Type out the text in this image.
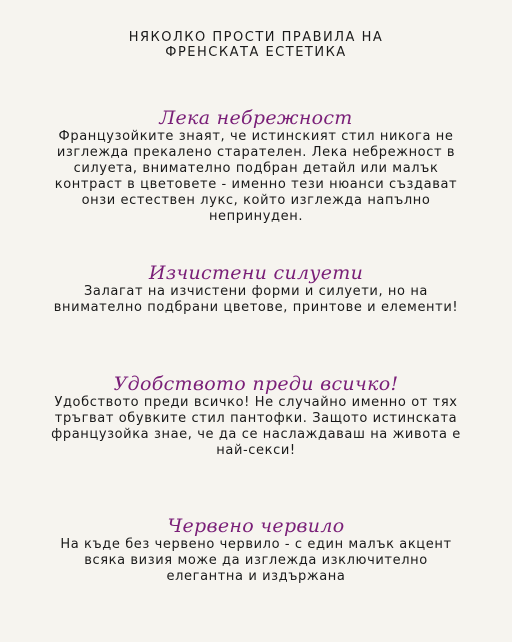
НЯКОЛКО ПРОСТИ ПРАВИЛА НА
ФРЕНСКАТА ЕСТЕТИКА
Лека небрежност
Французойките знаят, че истинският стил никога не
изглежда прекалено старателен. Лека небрежност в
силуета, внимателно подбран детайл или малък
контраст в цветовете - именно тези нюанси създават
онзи естествен лукс, който изглежда напълно
непринуден.
Изчистени силуети
Залагат на изчистени форми и силуети, но на
внимателно подбрани цветове, принтове и елементи!
Удобството преди всичко!
Удобството преди всичко! Не случайно именно от тях
тръгват обувките стил пантофки. Защото истинската
французойка знае, че да се наслаждаваш на живота е
най-секси!
Червено червило
На къде без червено червило - с един малък акцент
всяка визия може да изглежда изключително
елегантна и издържана
